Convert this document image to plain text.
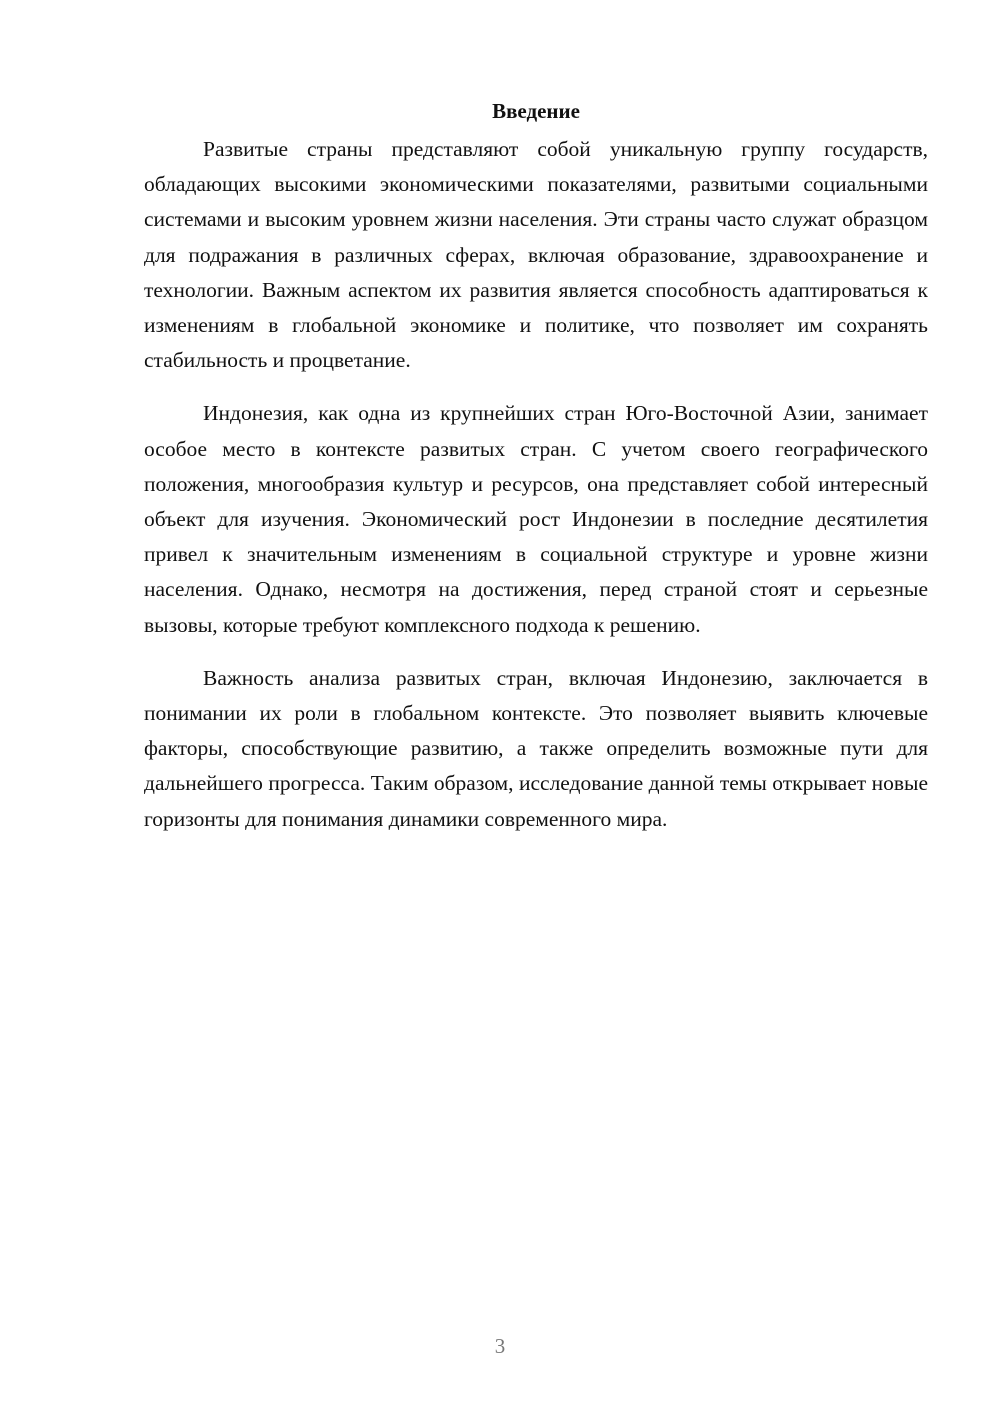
Введение

Развитые страны представляют собой уникальную группу государств, обладающих высокими экономическими показателями, развитыми социальными системами и высоким уровнем жизни населения. Эти страны часто служат образцом для подражания в различных сферах, включая образование, здравоохранение и технологии. Важным аспектом их развития является способность адаптироваться к изменениям в глобальной экономике и политике, что позволяет им сохранять стабильность и процветание.

Индонезия, как одна из крупнейших стран Юго-Восточной Азии, занимает особое место в контексте развитых стран. С учетом своего географического положения, многообразия культур и ресурсов, она представляет собой интересный объект для изучения. Экономический рост Индонезии в последние десятилетия привел к значительным изменениям в социальной структуре и уровне жизни населения. Однако, несмотря на достижения, перед страной стоят и серьезные вызовы, которые требуют комплексного подхода к решению.

Важность анализа развитых стран, включая Индонезию, заключается в понимании их роли в глобальном контексте. Это позволяет выявить ключевые факторы, способствующие развитию, а также определить возможные пути для дальнейшего прогресса. Таким образом, исследование данной темы открывает новые горизонты для понимания динамики современного мира.

3
